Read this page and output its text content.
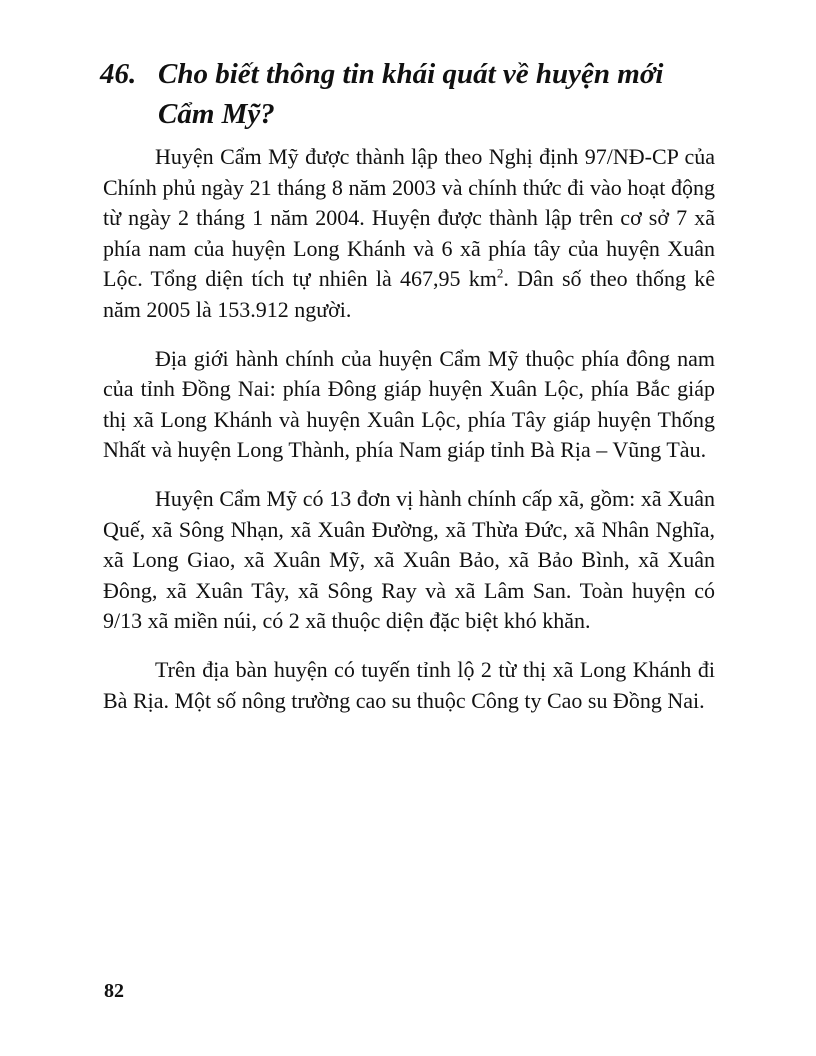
46. Cho biết thông tin khái quát về huyện mới
Cẩm Mỹ?

Huyện Cẩm Mỹ được thành lập theo Nghị định 97/NĐ-CP của Chính phủ ngày 21 tháng 8 năm 2003 và chính thức đi vào hoạt động từ ngày 2 tháng 1 năm 2004. Huyện được thành lập trên cơ sở 7 xã phía nam của huyện Long Khánh và 6 xã phía tây của huyện Xuân Lộc. Tổng diện tích tự nhiên là 467,95 $km^2$. Dân số theo thống kê năm 2005 là 153.912 người.

Địa giới hành chính của huyện Cẩm Mỹ thuộc phía đông nam của tỉnh Đồng Nai: phía Đông giáp huyện Xuân Lộc, phía Bắc giáp thị xã Long Khánh và huyện Xuân Lộc, phía Tây giáp huyện Thống Nhất và huyện Long Thành, phía Nam giáp tỉnh Bà Rịa – Vũng Tàu.

Huyện Cẩm Mỹ có 13 đơn vị hành chính cấp xã, gồm: xã Xuân Quế, xã Sông Nhạn, xã Xuân Đường, xã Thừa Đức, xã Nhân Nghĩa, xã Long Giao, xã Xuân Mỹ, xã Xuân Bảo, xã Bảo Bình, xã Xuân Đông, xã Xuân Tây, xã Sông Ray và xã Lâm San. Toàn huyện có 9/13 xã miền núi, có 2 xã thuộc diện đặc biệt khó khăn.

Trên địa bàn huyện có tuyến tỉnh lộ 2 từ thị xã Long Khánh đi Bà Rịa. Một số nông trường cao su thuộc Công ty Cao su Đồng Nai.

82
